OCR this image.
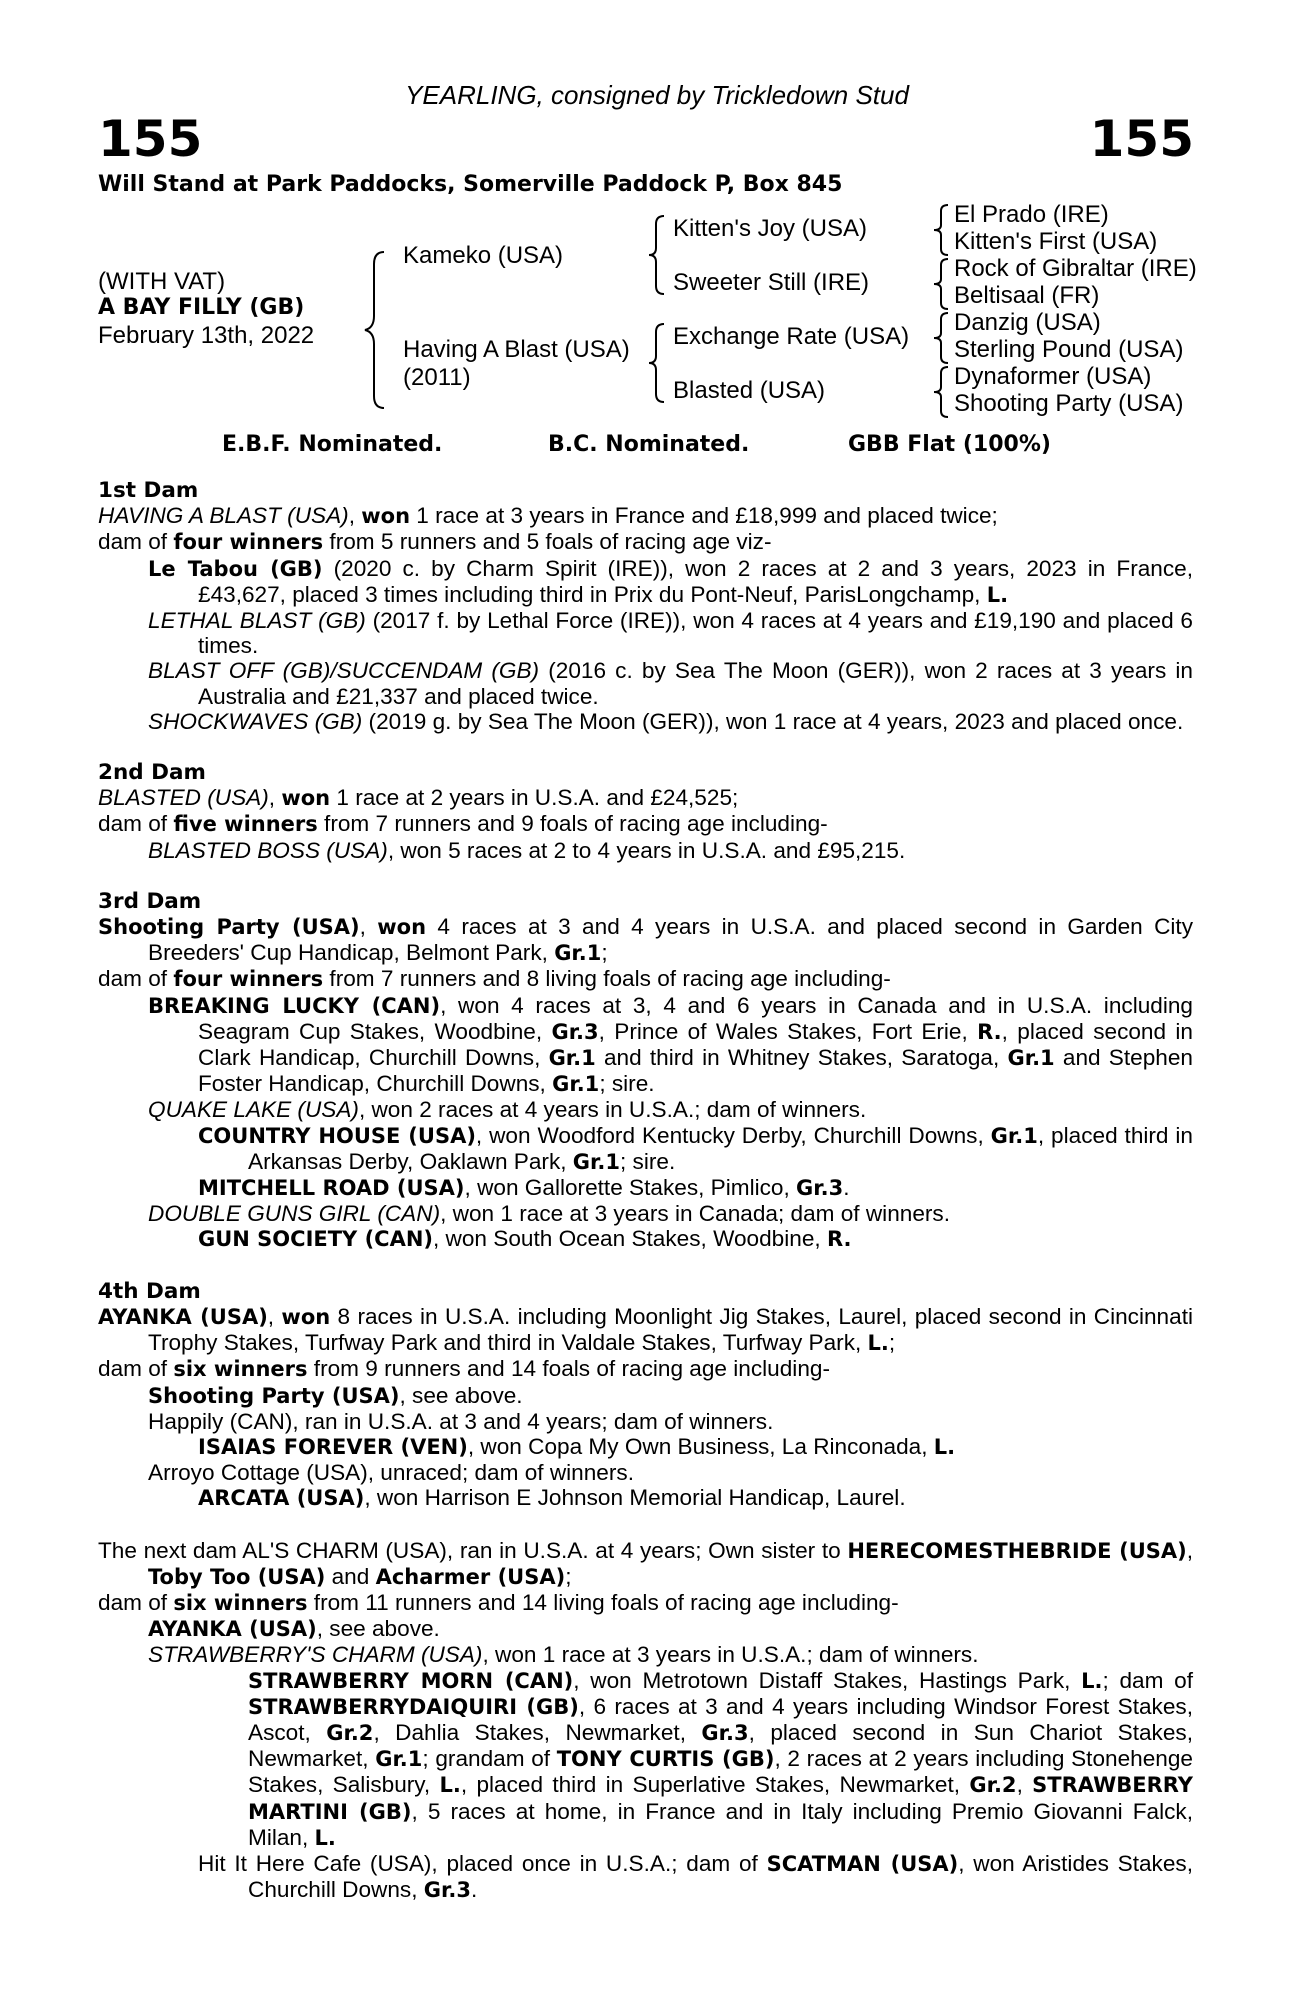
YEARLING, consigned by Trickledown Stud
155	155
Will Stand at Park Paddocks, Somerville Paddock P, Box 845
(WITH VAT)
A BAY FILLY (GB)
February 13th, 2022
Kameko (USA)
Having A Blast (USA)
(2011)
Kitten's Joy (USA)
Sweeter Still (IRE)
Exchange Rate (USA)
Blasted (USA)
El Prado (IRE)
Kitten's First (USA)
Rock of Gibraltar (IRE)
Beltisaal (FR)
Danzig (USA)
Sterling Pound (USA)
Dynaformer (USA)
Shooting Party (USA)
E.B.F. Nominated.	B.C. Nominated.	GBB Flat (100%)

1st Dam

HAVING A BLAST (USA), won 1 race at 3 years in France and £18,999 and placed twice;

dam of four winners from 5 runners and 5 foals of racing age viz-

Le Tabou (GB) (2020 c. by Charm Spirit (IRE)), won 2 races at 2 and 3 years, 2023 in France, £43,627, placed 3 times including third in Prix du Pont-Neuf, ParisLongchamp, L.

LETHAL BLAST (GB) (2017 f. by Lethal Force (IRE)), won 4 races at 4 years and £19,190 and placed 6 times.

BLAST OFF (GB)/SUCCENDAM (GB) (2016 c. by Sea The Moon (GER)), won 2 races at 3 years in Australia and £21,337 and placed twice.

SHOCKWAVES (GB) (2019 g. by Sea The Moon (GER)), won 1 race at 4 years, 2023 and placed once.

2nd Dam

BLASTED (USA), won 1 race at 2 years in U.S.A. and £24,525;

dam of five winners from 7 runners and 9 foals of racing age including-

BLASTED BOSS (USA), won 5 races at 2 to 4 years in U.S.A. and £95,215.

3rd Dam

Shooting Party (USA), won 4 races at 3 and 4 years in U.S.A. and placed second in Garden City Breeders' Cup Handicap, Belmont Park, Gr.1;

dam of four winners from 7 runners and 8 living foals of racing age including-

BREAKING LUCKY (CAN), won 4 races at 3, 4 and 6 years in Canada and in U.S.A. including Seagram Cup Stakes, Woodbine, Gr.3, Prince of Wales Stakes, Fort Erie, R., placed second in Clark Handicap, Churchill Downs, Gr.1 and third in Whitney Stakes, Saratoga, Gr.1 and Stephen Foster Handicap, Churchill Downs, Gr.1; sire.

QUAKE LAKE (USA), won 2 races at 4 years in U.S.A.; dam of winners.

COUNTRY HOUSE (USA), won Woodford Kentucky Derby, Churchill Downs, Gr.1, placed third in Arkansas Derby, Oaklawn Park, Gr.1; sire.

MITCHELL ROAD (USA), won Gallorette Stakes, Pimlico, Gr.3.

DOUBLE GUNS GIRL (CAN), won 1 race at 3 years in Canada; dam of winners.

GUN SOCIETY (CAN), won South Ocean Stakes, Woodbine, R.

4th Dam

AYANKA (USA), won 8 races in U.S.A. including Moonlight Jig Stakes, Laurel, placed second in Cincinnati Trophy Stakes, Turfway Park and third in Valdale Stakes, Turfway Park, L.;

dam of six winners from 9 runners and 14 foals of racing age including-

Shooting Party (USA), see above.

Happily (CAN), ran in U.S.A. at 3 and 4 years; dam of winners.

ISAIAS FOREVER (VEN), won Copa My Own Business, La Rinconada, L.

Arroyo Cottage (USA), unraced; dam of winners.

ARCATA (USA), won Harrison E Johnson Memorial Handicap, Laurel.

The next dam AL'S CHARM (USA), ran in U.S.A. at 4 years; Own sister to HERECOMESTHEBRIDE (USA), Toby Too (USA) and Acharmer (USA);

dam of six winners from 11 runners and 14 living foals of racing age including-

AYANKA (USA), see above.

STRAWBERRY'S CHARM (USA), won 1 race at 3 years in U.S.A.; dam of winners.

STRAWBERRY MORN (CAN), won Metrotown Distaff Stakes, Hastings Park, L.; dam of STRAWBERRYDAIQUIRI (GB), 6 races at 3 and 4 years including Windsor Forest Stakes, Ascot, Gr.2, Dahlia Stakes, Newmarket, Gr.3, placed second in Sun Chariot Stakes, Newmarket, Gr.1; grandam of TONY CURTIS (GB), 2 races at 2 years including Stonehenge Stakes, Salisbury, L., placed third in Superlative Stakes, Newmarket, Gr.2, STRAWBERRY MARTINI (GB), 5 races at home, in France and in Italy including Premio Giovanni Falck, Milan, L.

Hit It Here Cafe (USA), placed once in U.S.A.; dam of SCATMAN (USA), won Aristides Stakes, Churchill Downs, Gr.3.
